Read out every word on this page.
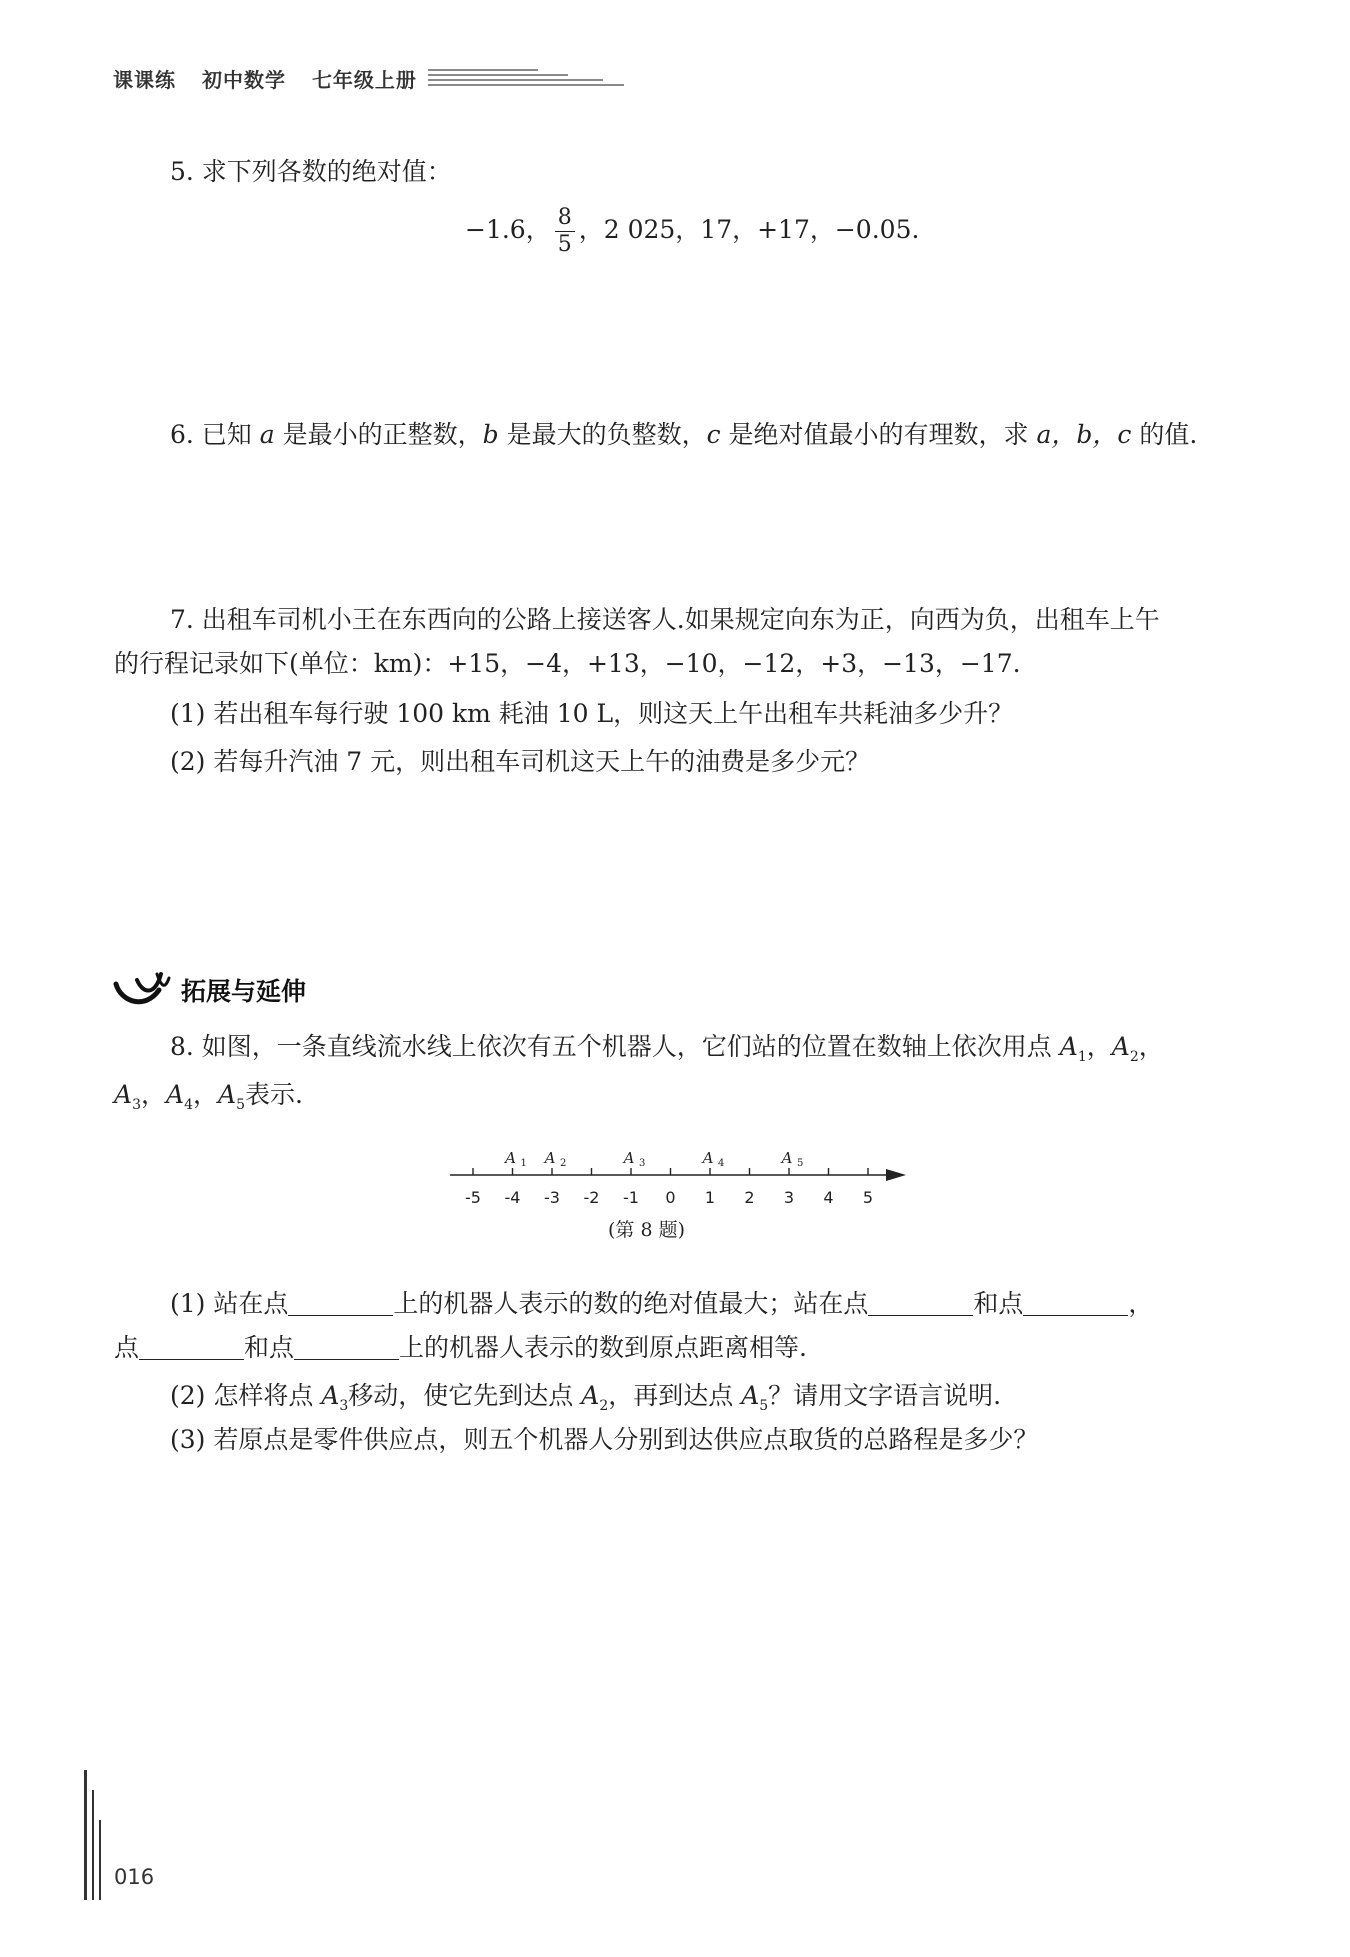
课课练 初中数学 七年级上册
5. 求下列各数的绝对值：
−1.6， $\frac{8}{5}$ ，2 025，17，+17，−0.05.
6. 已知 a 是最小的正整数，b 是最大的负整数，c 是绝对值最小的有理数，求 a，b，c 的值.
7. 出租车司机小王在东西向的公路上接送客人.如果规定向东为正，向西为负，出租车上午
的行程记录如下(单位：km)：+15，−4，+13，−10，−12，+3，−13，−17.
(1) 若出租车每行驶 100 km 耗油 10 L，则这天上午出租车共耗油多少升？
(2) 若每升汽油 7 元，则出租车司机这天上午的油费是多少元？
拓展与延伸
8. 如图，一条直线流水线上依次有五个机器人，它们站的位置在数轴上依次用点 $A_1$，$A_2$，
$A_3$，$A_4$，$A_5$表示.
-5 -4 -3 -2 -1 0 1 2 3 4 5
A 1 A 2	A 3	A 4	A 5
(第 8 题)
(1) 站在点	上的机器人表示的数的绝对值最大；站在点	和点	，
点	和点	上的机器人表示的数到原点距离相等.
(2) 怎样将点 $A_3$移动，使它先到达点 $A_2$，再到达点 $A_5$？请用文字语言说明.
(3) 若原点是零件供应点，则五个机器人分别到达供应点取货的总路程是多少？
016
